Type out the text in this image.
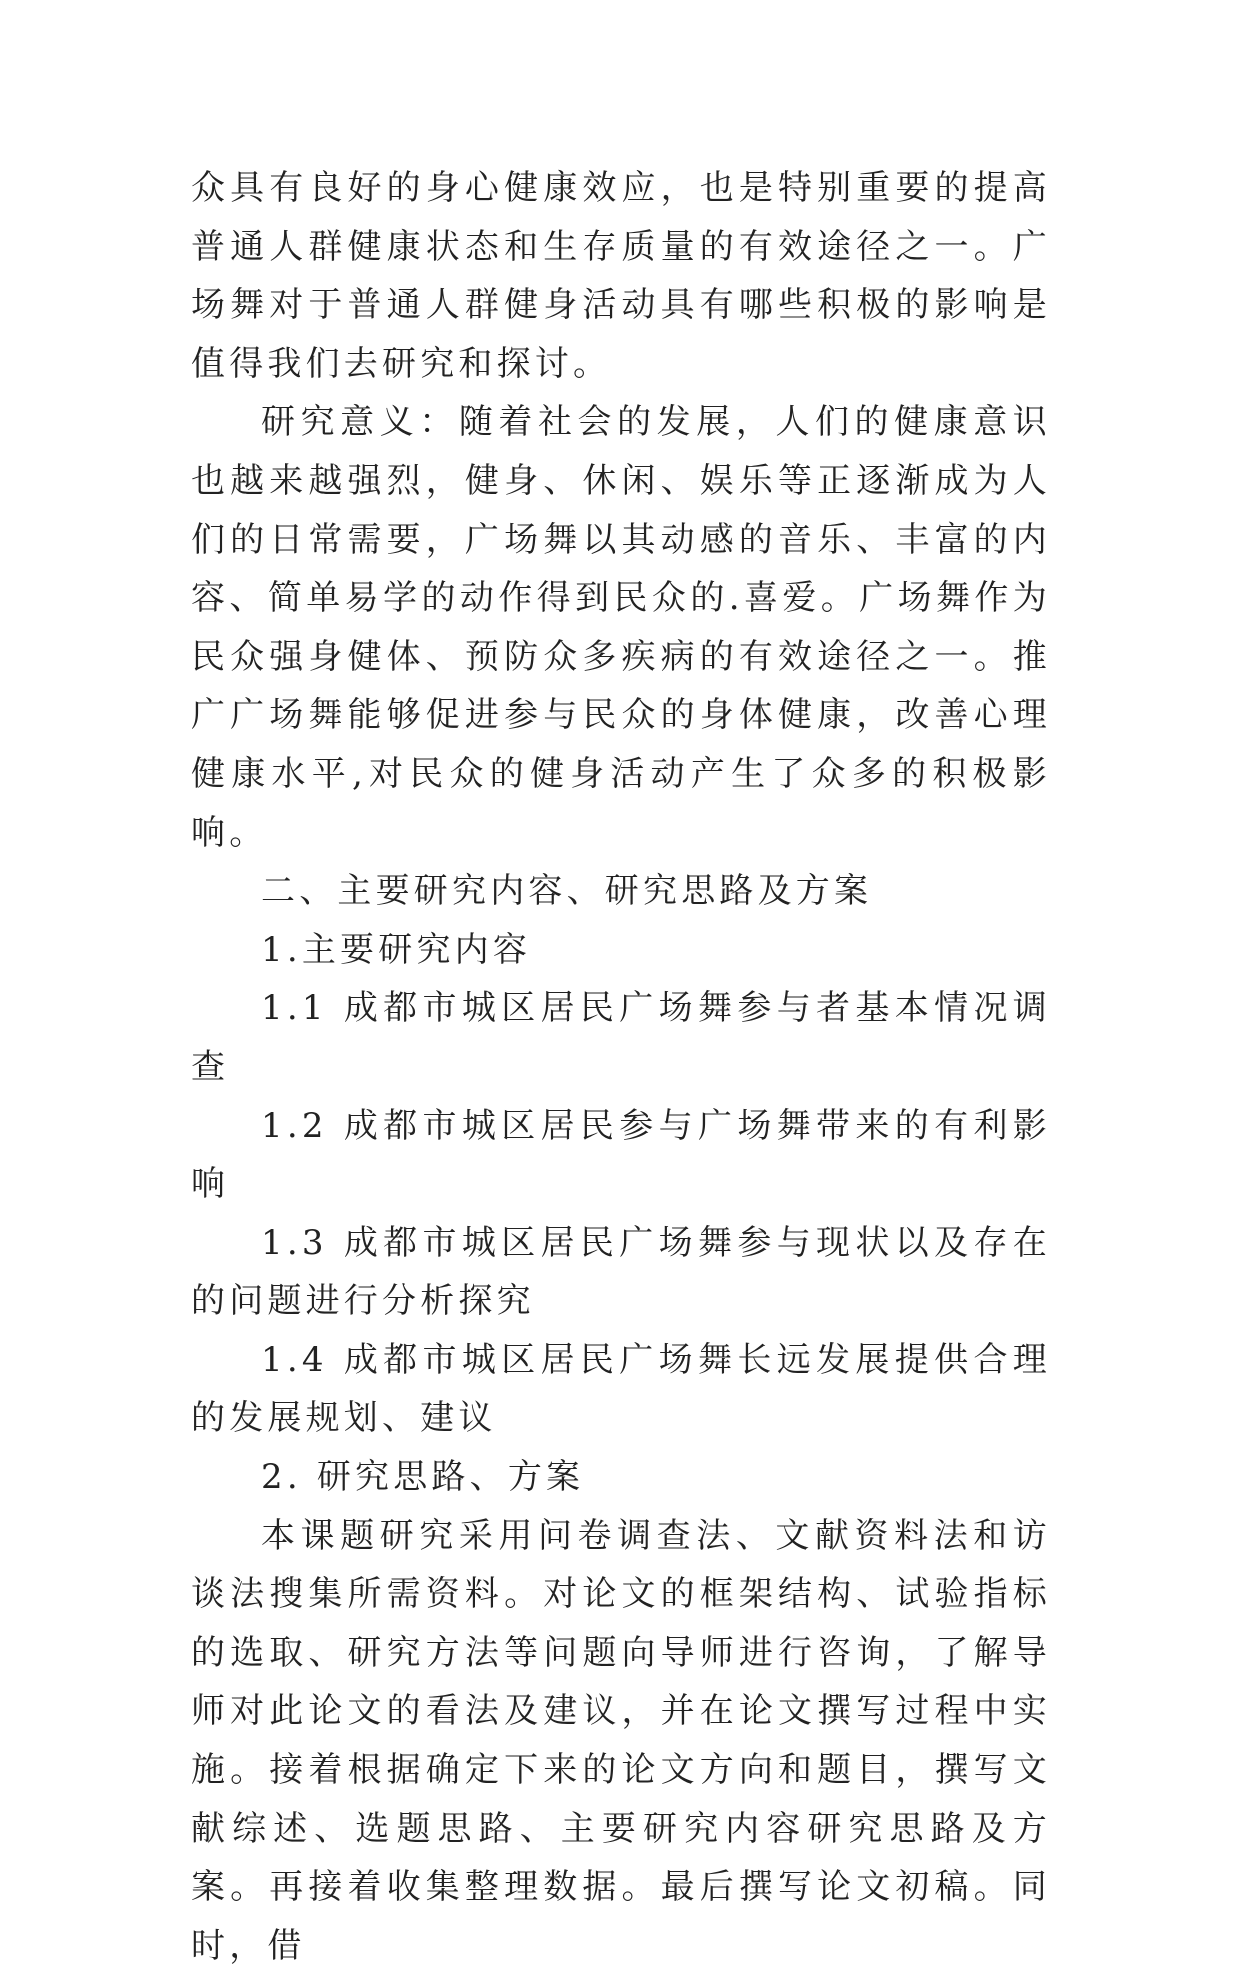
众具有良好的身心健康效应，也是特别重要的提高普通人群健康状态和生存质量的有效途径之一。广场舞对于普通人群健身活动具有哪些积极的影响是值得我们去研究和探讨。

研究意义：随着社会的发展，人们的健康意识也越来越强烈，健身、休闲、娱乐等正逐渐成为人们的日常需要，广场舞以其动感的音乐、丰富的内容、简单易学的动作得到民众的.喜爱。广场舞作为民众强身健体、预防众多疾病的有效途径之一。推广广场舞能够促进参与民众的身体健康，改善心理健康水平,对民众的健身活动产生了众多的积极影响。

二、主要研究内容、研究思路及方案

1.主要研究内容

1.1 成都市城区居民广场舞参与者基本情况调查

1.2 成都市城区居民参与广场舞带来的有利影响

1.3 成都市城区居民广场舞参与现状以及存在的问题进行分析探究

1.4 成都市城区居民广场舞长远发展提供合理的发展规划、建议

2. 研究思路、方案

本课题研究采用问卷调查法、文献资料法和访谈法搜集所需资料。对论文的框架结构、试验指标的选取、研究方法等问题向导师进行咨询，了解导师对此论文的看法及建议，并在论文撰写过程中实施。接着根据确定下来的论文方向和题目，撰写文献综述、选题思路、主要研究内容研究思路及方案。再接着收集整理数据。最后撰写论文初稿。同时，借
